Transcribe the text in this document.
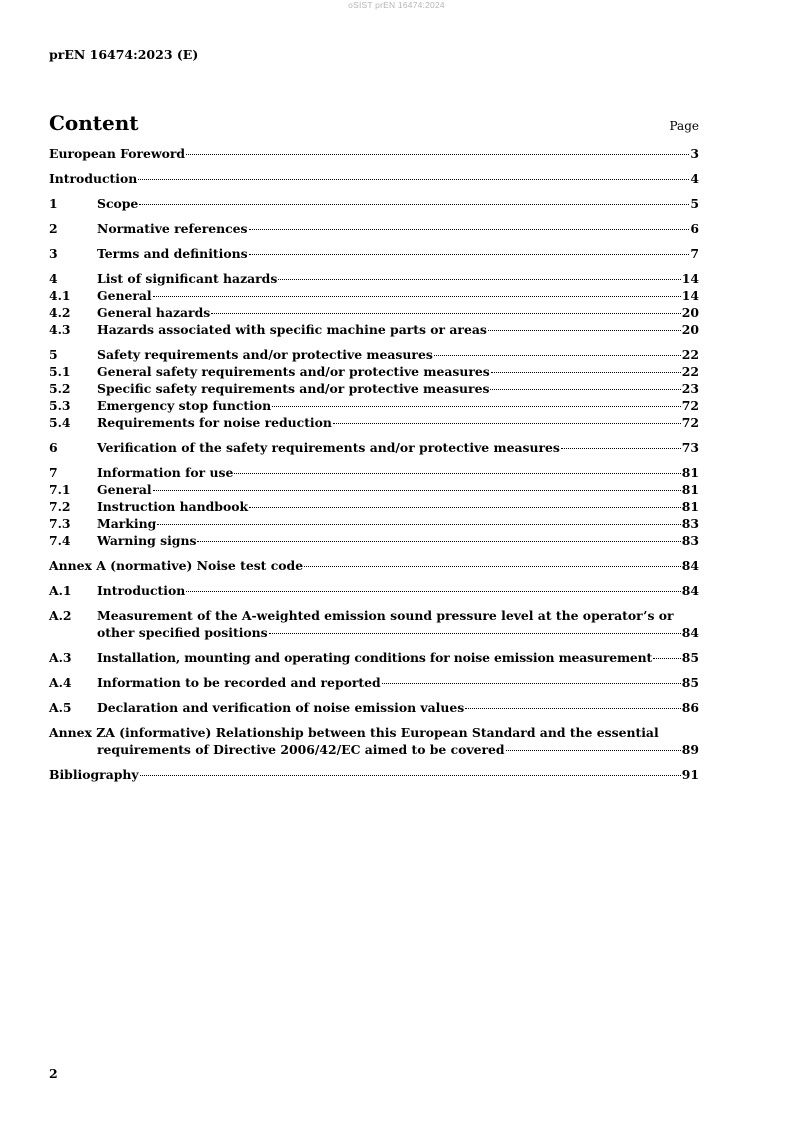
oSIST prEN 16474:2024
prEN 16474:2023 (E)
Content	Page
European Foreword	3
Introduction	4
1	Scope	5
2	Normative references	6
3	Terms and definitions	7
4	List of significant hazards	14
4.1 General	14
4.2 General hazards	20
4.3 Hazards associated with specific machine parts or areas	20
5	Safety requirements and/or protective measures	22
5.1 General safety requirements and/or protective measures	22
5.2 Specific safety requirements and/or protective measures	23
5.3 Emergency stop function	72
5.4 Requirements for noise reduction	72
6	Verification of the safety requirements and/or protective measures	73
7	Information for use	81
7.1 General	81
7.2 Instruction handbook	81
7.3 Marking	83
7.4 Warning signs	83
Annex A (normative) Noise test code	84
A.1 Introduction	84
A.2	Measurement of the A-weighted emission sound pressure level at the operator’s or
other specified positions	84
A.3 Installation, mounting and operating conditions for noise emission measurement 85
A.4 Information to be recorded and reported	85
A.5 Declaration and verification of noise emission values	86
Annex ZA (informative) Relationship between this European Standard and the essential
requirements of Directive 2006/42/EC aimed to be covered	89
Bibliography	91
2
